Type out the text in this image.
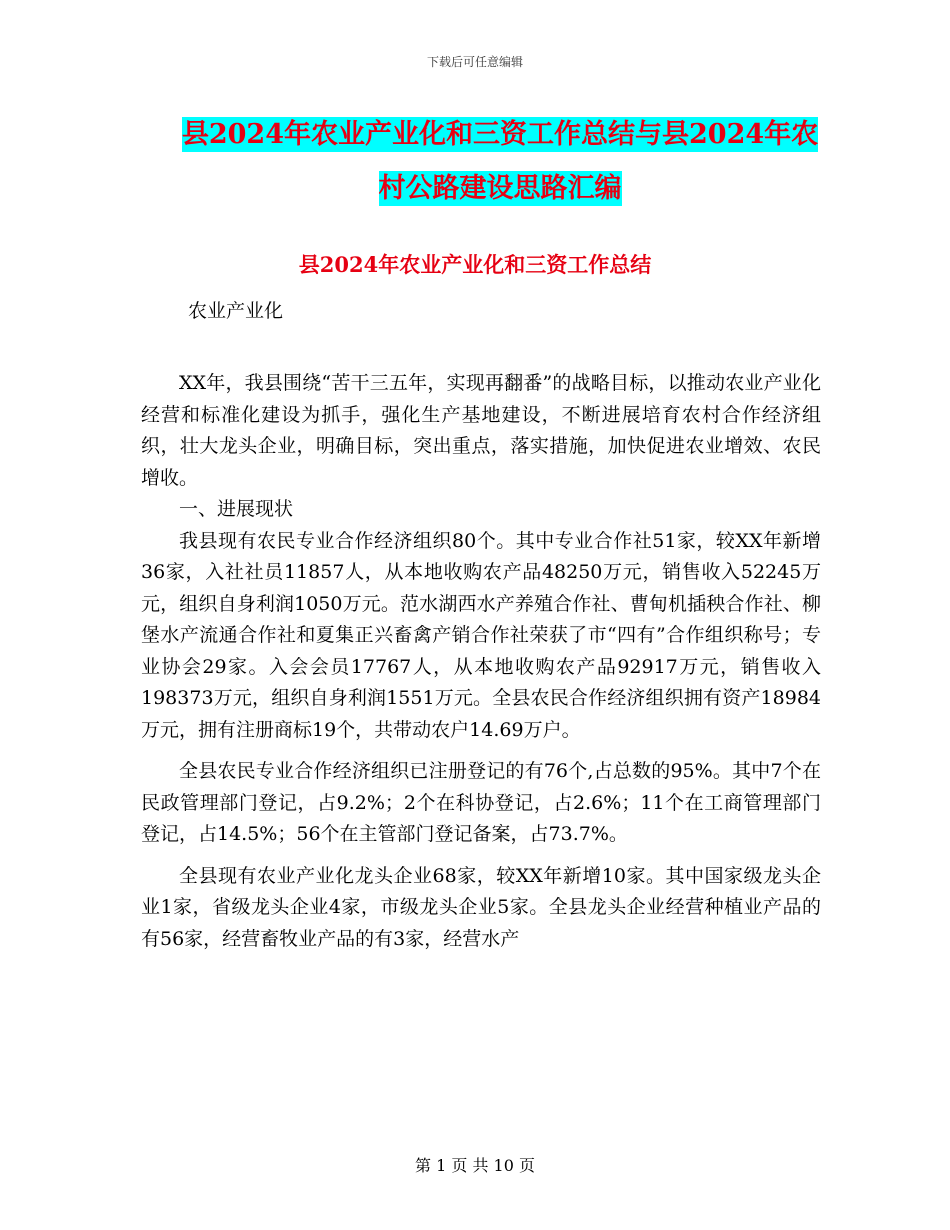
下载后可任意编辑
县2024年农业产业化和三资工作总结与县2024年农
村公路建设思路汇编
县2024年农业产业化和三资工作总结
农业产业化

XX年，我县围绕“苦干三五年，实现再翻番”的战略目标，以推动农业产业化经营和标准化建设为抓手，强化生产基地建设，不断进展培育农村合作经济组织，壮大龙头企业，明确目标，突出重点，落实措施，加快促进农业增效、农民增收。

一、进展现状

我县现有农民专业合作经济组织80个。其中专业合作社51家，较XX年新增36家，入社社员11857人，从本地收购农产品48250万元，销售收入52245万元，组织自身利润1050万元。范水湖西水产养殖合作社、曹甸机插秧合作社、柳堡水产流通合作社和夏集正兴畜禽产销合作社荣获了市“四有”合作组织称号；专业协会29家。入会会员17767人，从本地收购农产品92917万元，销售收入198373万元，组织自身利润1551万元。全县农民合作经济组织拥有资产18984万元，拥有注册商标19个，共带动农户14.69万户。

全县农民专业合作经济组织已注册登记的有76个,占总数的95%。其中7个在民政管理部门登记，占9.2%；2个在科协登记，占2.6%；11个在工商管理部门登记，占14.5%；56个在主管部门登记备案，占73.7%。

全县现有农业产业化龙头企业68家，较XX年新增10家。其中国家级龙头企业1家，省级龙头企业4家，市级龙头企业5家。全县龙头企业经营种植业产品的有56家，经营畜牧业产品的有3家，经营水产

第 1 页 共 10 页
